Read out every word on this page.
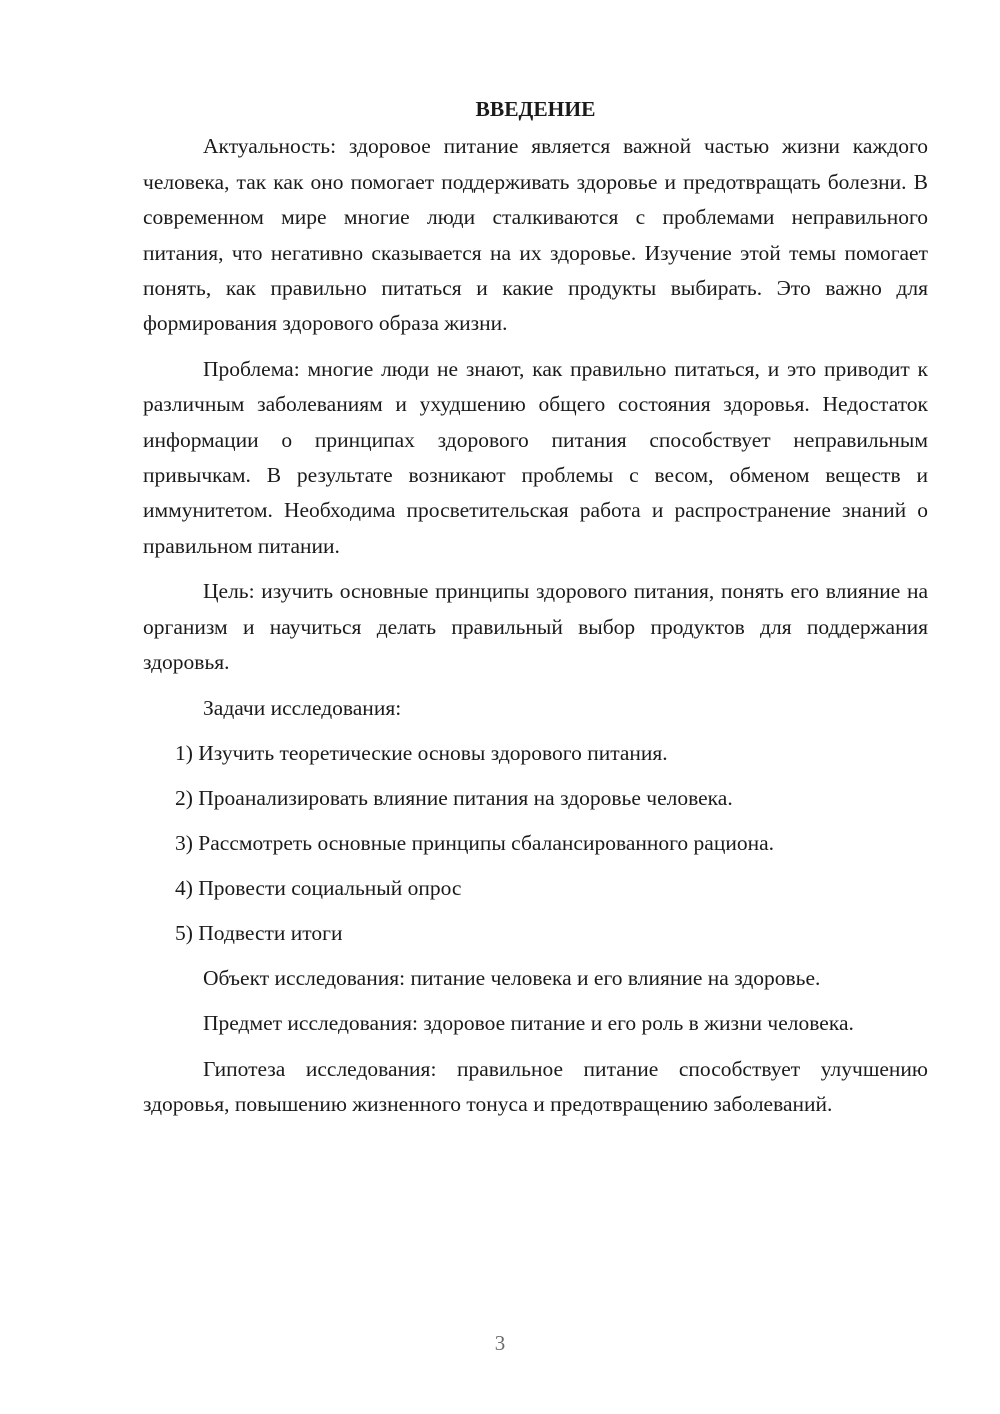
ВВЕДЕНИЕ

Актуальность: здоровое питание является важной частью жизни каждого человека, так как оно помогает поддерживать здоровье и предотвращать болезни. В современном мире многие люди сталкиваются с проблемами неправильного питания, что негативно сказывается на их здоровье. Изучение этой темы помогает понять, как правильно питаться и какие продукты выбирать. Это важно для формирования здорового образа жизни.

Проблема: многие люди не знают, как правильно питаться, и это приводит к различным заболеваниям и ухудшению общего состояния здоровья. Недостаток информации о принципах здорового питания способствует неправильным привычкам. В результате возникают проблемы с весом, обменом веществ и иммунитетом. Необходима просветительская работа и распространение знаний о правильном питании.

Цель: изучить основные принципы здорового питания, понять его влияние на организм и научиться делать правильный выбор продуктов для поддержания здоровья.

Задачи исследования:

1) Изучить теоретические основы здорового питания.
2) Проанализировать влияние питания на здоровье человека.
3) Рассмотреть основные принципы сбалансированного рациона.
4) Провести социальный опрос
5) Подвести итоги

Объект исследования: питание человека и его влияние на здоровье.

Предмет исследования: здоровое питание и его роль в жизни человека.

Гипотеза исследования: правильное питание способствует улучшению здоровья, повышению жизненного тонуса и предотвращению заболеваний.

3
